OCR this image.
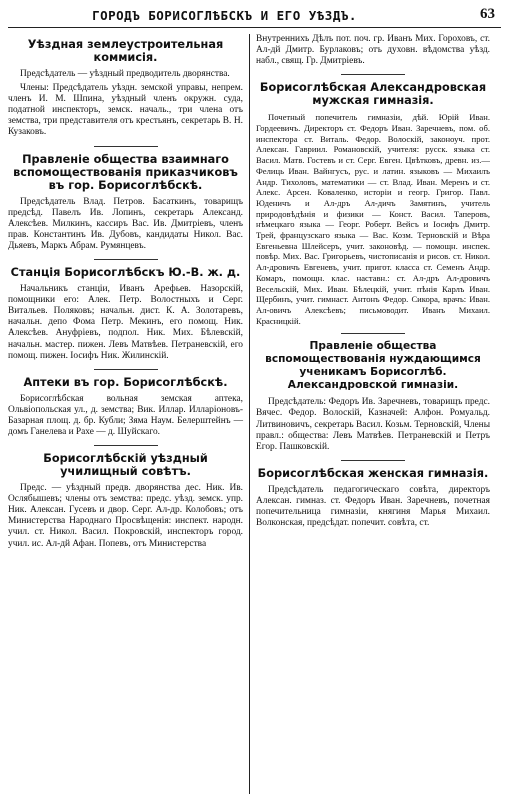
ГОРОДЪ БОРИСОГЛѢБСКЪ И ЕГО УѢЗДЪ.	63
Уѣздная землеустроительная коммисія.

Предсѣдатель — уѣздный предводитель дворянства.

Члены: Предсѣдатель уѣздн. земской управы, непрем. членъ И. М. Шпина, уѣздный членъ окружн. суда, податной инспекторъ, земск. началь., три члена отъ земства, три представителя отъ крестьянъ, секретарь В. Н. Кузаковъ.

Правленіе общества взаимнаго вспомоществованія приказчиковъ въ гор. Борисоглѣбскѣ.

Предсѣдатель Влад. Петров. Басаткинъ, товарищъ предсѣд. Павелъ Ив. Лопинъ, секретарь Александ. Алексѣев. Милкинъ, кассиръ Вас. Ив. Дмитріевъ, членъ прав. Константинъ Ив. Дубовъ, кандидаты Никол. Вас. Дьяевъ, Маркъ Абрам. Румянцевъ.

Станція Борисоглѣбскъ Ю.-В. ж. д.

Начальникъ станціи, Иванъ Арефьев. Назорскій, помощники его: Алек. Петр. Волостныхъ и Серг. Витальев. Поляковъ; начальн. дист. К. А. Золотаревъ, начальн. депо Фома Петр. Мекинъ, его помощ. Ник. Алексѣев. Ануфріевъ, подпол. Ник. Мих. Бѣлевскій, начальн. мастер. пижен. Левъ Матвѣев. Петраневскій, его помощ. пижен. Іосифъ Ник. Жилинскій.

Аптеки въ гор. Борисоглѣбскѣ.

Борисоглѣбская вольная земская аптека, Ольвіопольская ул., д. земства; Вик. Иллар. Илларіоновъ-Базарная площ. д. бр. Кубли; Зяма Наум. Белерштейнъ — домъ Ганелева и Рахе — д. Шуйскаго.

Борисоглѣбскій уѣздный училищный совѣтъ.

Предс. — уѣздный предв. дворянства дес. Ник. Ив. Ослябышевъ; члены отъ земства: предс. уѣзд. земск. упр. Ник. Алексан. Гусевъ и двор. Серг. Ал-др. Колобовъ; отъ Министерства Народнаго Просвѣщенія: инспект. народн. учил. ст. Никол. Васил. Покровскій, инспекторъ город. учил. ис. Ал-дй Афан. Попевъ, отъ Министерства

Внутреннихъ Дѣлъ пот. поч. гр. Иванъ Мих. Гороховъ, ст. Ал-дй Дмитр. Бурлаковъ; отъ духовн. вѣдомства уѣзд. набл., свящ. Гр. Дмитріевъ.

Борисоглѣбская Александровская мужская гимназія.

Почетный попечитель гимназіи, дѣй. Юрій Иван. Гордеевичъ. Директоръ ст. Федоръ Иван. Заречневъ, пом. об. инспектора ст. Виталь. Федор. Волоскій, законоуч. прот. Алексан. Гавриил. Романовскій, учителя: русск. языка ст. Васил. Матв. Гостевъ и ст. Серг. Евген. Цвѣтковъ, древн. из.— Фелиць Иван. Вайнгусъ, рус. и латин. языковъ — Михаилъ Андр. Тихоловъ, математики — ст. Влад. Иван. Меренъ и ст. Алекс. Арсен. Коваленко, исторіи и геогр. Григор. Павл. Юденичъ и Ал-дръ Ал-дичъ Замятинъ, учитель природовѣдѣнія и физики — Конст. Васил. Таперовъ, нѣмецкаго языка — Георг. Роберт. Вейсъ и Іосифъ Дмитр. Трей, французскаго языка — Вас. Козм. Терновскій и Вѣра Евгеньевна Шлейсеръ, учит. законовѣд. — помощн. инспек. повѣр. Мих. Вас. Григорьевъ, чистописанія и рисов. ст. Никол. Ал-дровичъ Евгеневъ, учит. пригот. класса ст. Семенъ Андр. Комаръ, помощн. клас. наставн.: ст. Ал-дръ Ал-дровичъ Весельскій, Мих. Иван. Бѣлецкій, учит. пѣнія Карлъ Иван. Щербинъ, учит. гимнаст. Антонъ Федор. Сикора, врачъ: Иван. Ал-овичъ Алексѣевъ; письмоводит. Иванъ Михаил. Красницкій.

Правленіе общества вспомоществованія нуждающимся ученикамъ Борисоглѣб. Александровской гимназіи.

Предсѣдатель: Федоръ Ив. Заречневъ, товарищъ предс. Вячес. Федор. Волоскій, Казначей: Алфон. Ромуальд. Литвиновичъ, секретарь Васил. Козьм. Терновскій, Члены правл.: общества: Левъ Матвѣев. Петраневскій и Петръ Егор. Пашковскій.

Борисоглѣбская женская гимназія.

Предсѣдатель педагогическаго совѣта, директоръ Алексан. гимназ. ст. Федоръ Иван. Заречневъ, почетная попечительница гимназіи, княгиня Марья Михаил. Волконская, предсѣдат. попечит. совѣта, ст.
